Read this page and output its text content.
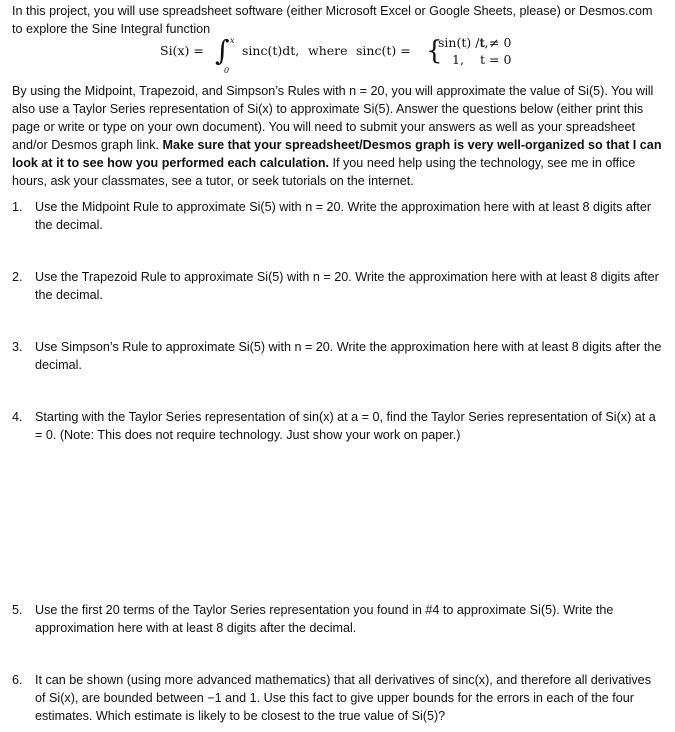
In this project, you will use spreadsheet software (either Microsoft Excel or Google Sheets, please) or Desmos.com to explore the Sine Integral function
Si(x) = ∫ x
0
sinc(t)dt, where sinc(t) = {
sin(t) /t,
t ≠ 0
1, t = 0
By using the Midpoint, Trapezoid, and Simpson’s Rules with n = 20, you will approximate the value of Si(5). You will also use a Taylor Series representation of Si(x) to approximate Si(5). Answer the questions below (either print this page or write or type on your own document). You will need to submit your answers as well as your spreadsheet and/or Desmos graph link. Make sure that your spreadsheet/Desmos graph is very well-organized so that I can look at it to see how you performed each calculation. If you need help using the technology, see me in office hours, ask your classmates, see a tutor, or seek tutorials on the internet.
1. Use the Midpoint Rule to approximate Si(5) with n = 20. Write the approximation here with at least 8 digits after the decimal.
2. Use the Trapezoid Rule to approximate Si(5) with n = 20. Write the approximation here with at least 8 digits after the decimal.
3. Use Simpson’s Rule to approximate Si(5) with n = 20. Write the approximation here with at least 8 digits after the decimal.
4. Starting with the Taylor Series representation of sin(x) at a = 0, find the Taylor Series representation of Si(x) at a = 0. (Note: This does not require technology. Just show your work on paper.)
5. Use the first 20 terms of the Taylor Series representation you found in #4 to approximate Si(5). Write the approximation here with at least 8 digits after the decimal.
6. It can be shown (using more advanced mathematics) that all derivatives of sinc(x), and therefore all derivatives of Si(x), are bounded between −1 and 1. Use this fact to give upper bounds for the errors in each of the four estimates. Which estimate is likely to be closest to the true value of Si(5)?
